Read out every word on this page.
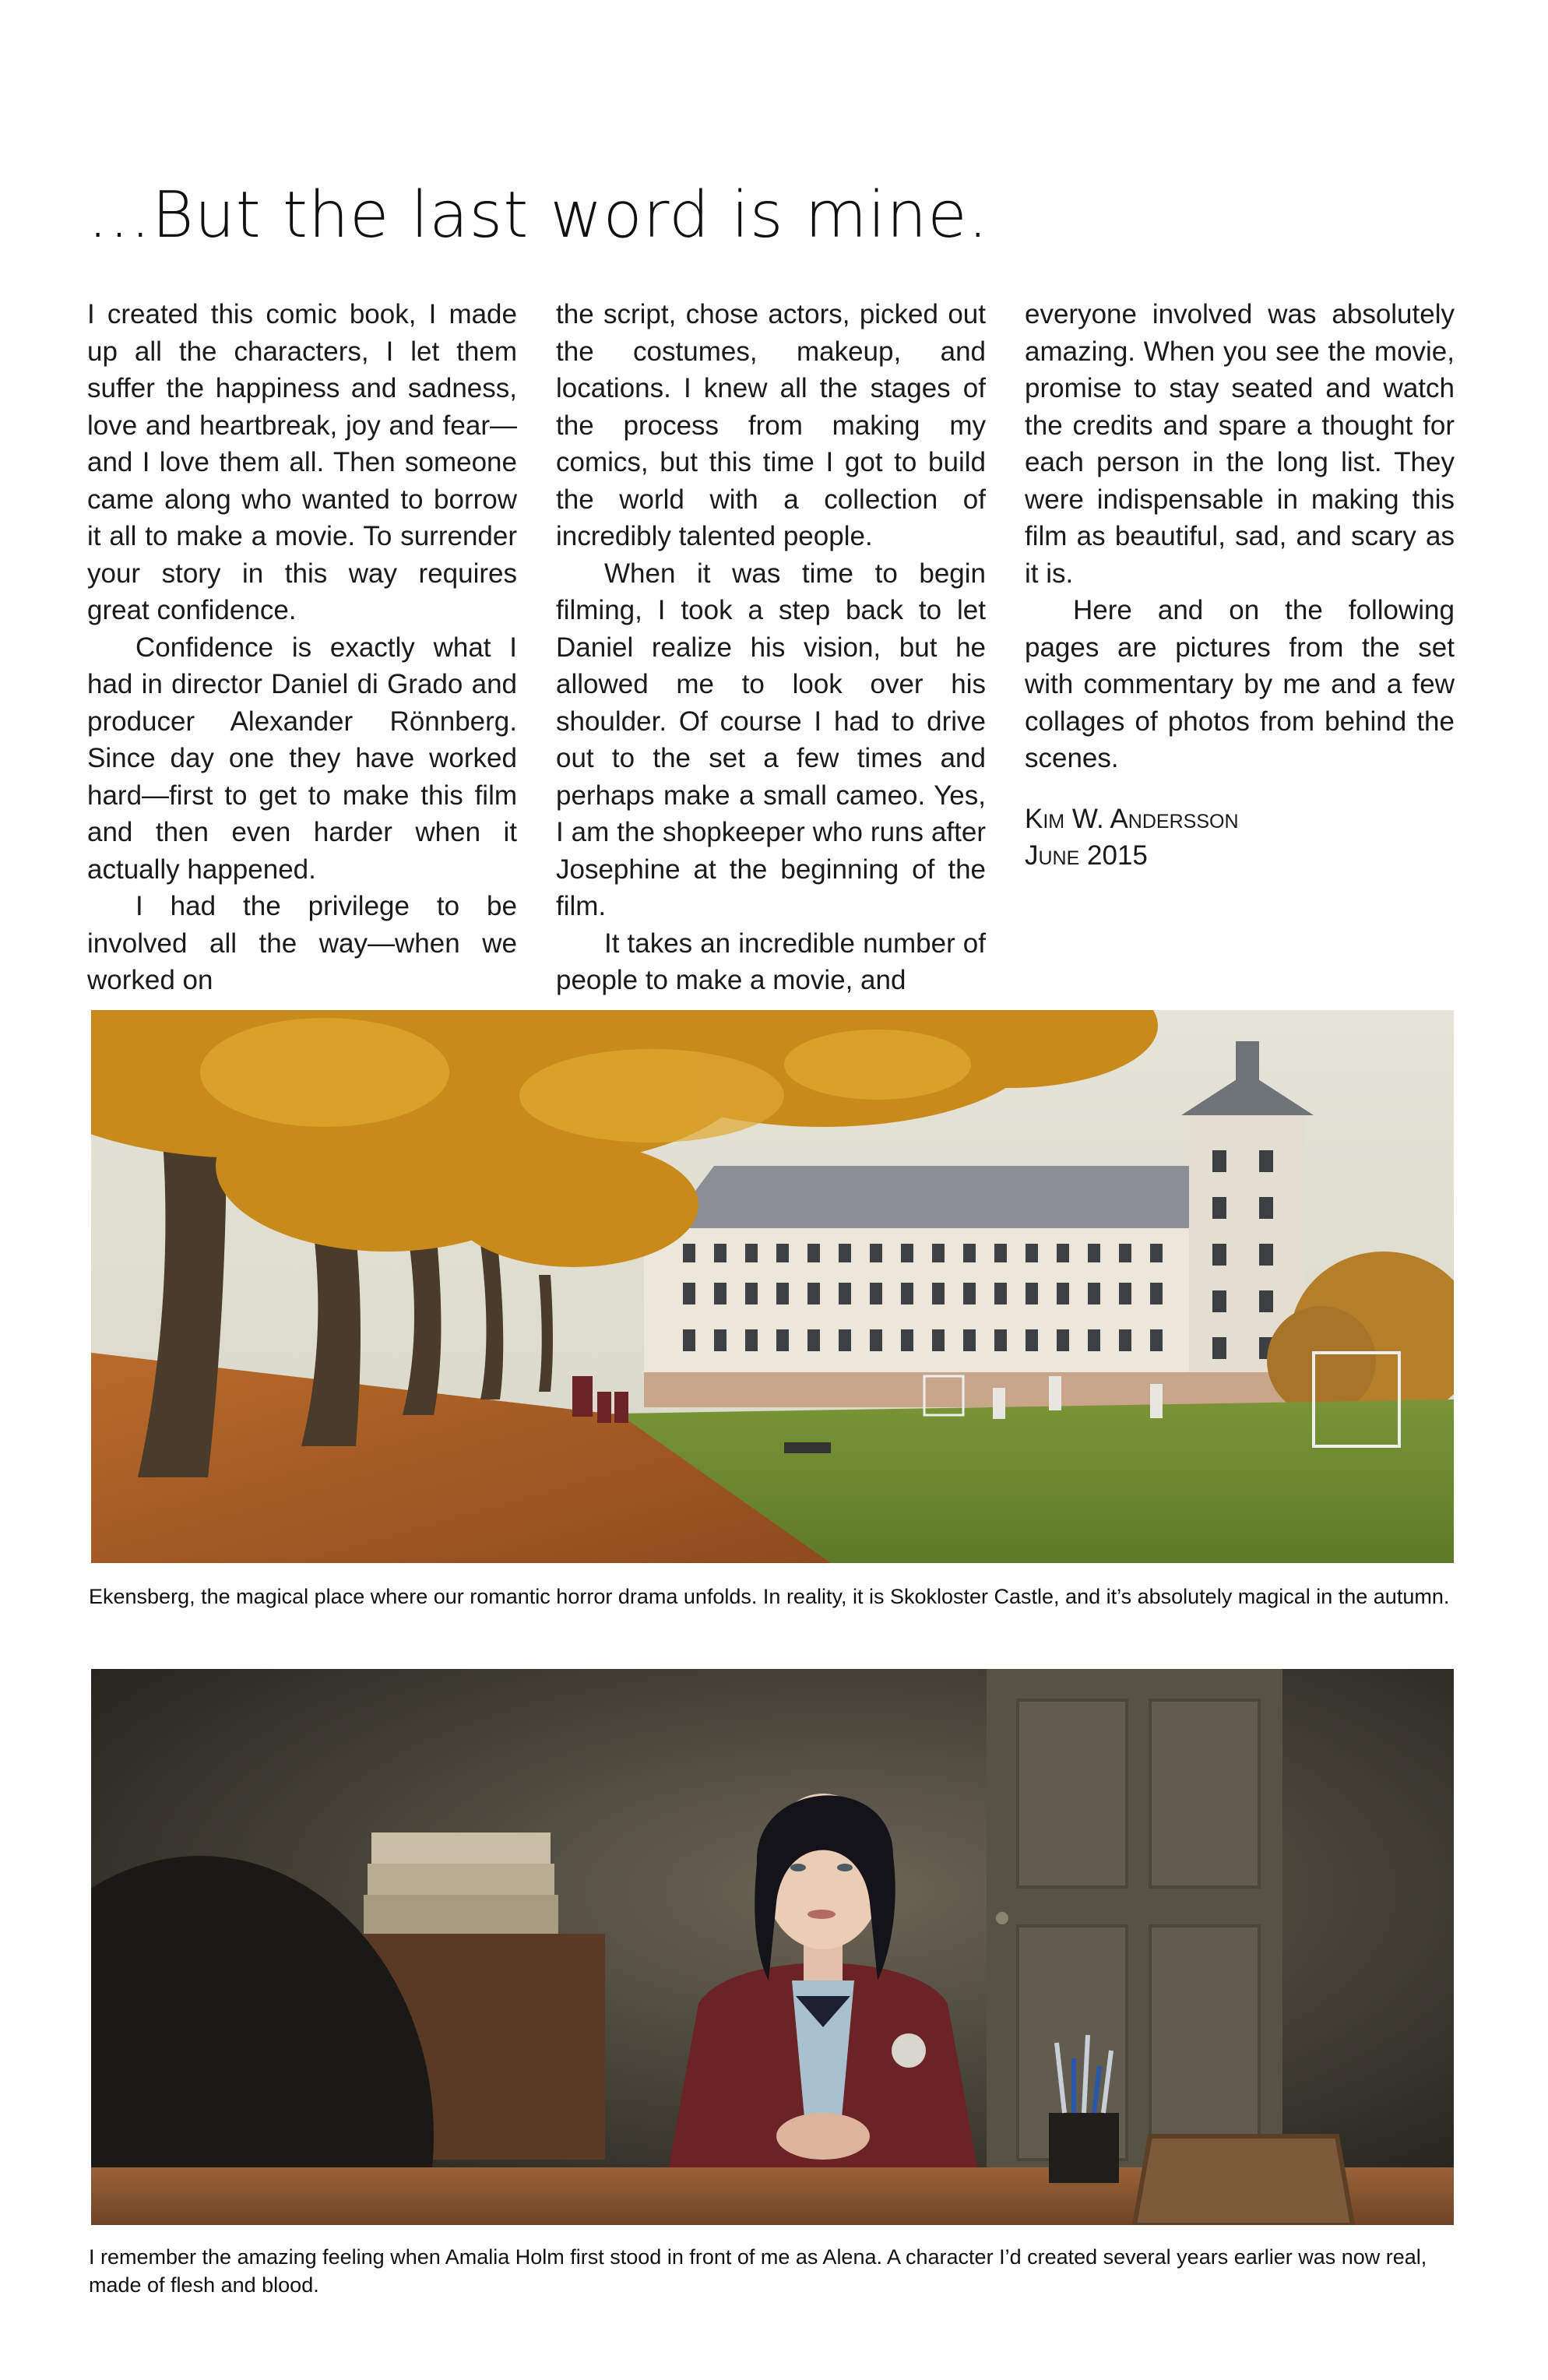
…But the last word is mine.

I created this comic book, I made up all the characters, I let them suffer the happiness and sadness, love and heartbreak, joy and fear—and I love them all. Then someone came along who wanted to borrow it all to make a movie. To surrender your story in this way requires great confidence.

Confidence is exactly what I had in director Daniel di Grado and producer Alexander Rönnberg. Since day one they have worked hard—first to get to make this film and then even harder when it actually happened.

I had the privilege to be involved all the way—when we worked on

the script, chose actors, picked out the costumes, makeup, and locations. I knew all the stages of the process from making my comics, but this time I got to build the world with a collection of incredibly talented people.

When it was time to begin filming, I took a step back to let Daniel realize his vision, but he allowed me to look over his shoulder. Of course I had to drive out to the set a few times and perhaps make a small cameo. Yes, I am the shopkeeper who runs after Josephine at the beginning of the film.

It takes an incredible number of people to make a movie, and

everyone involved was absolutely amazing. When you see the movie, promise to stay seated and watch the credits and spare a thought for each person in the long list. They were indispensable in making this film as beautiful, sad, and scary as it is.

Here and on the following pages are pictures from the set with commentary by me and a few collages of photos from behind the scenes.

Kim W. Andersson
June 2015

Ekensberg, the magical place where our romantic horror drama unfolds. In reality, it is Skokloster Castle, and it’s absolutely magical in the autumn.

I remember the amazing feeling when Amalia Holm first stood in front of me as Alena. A character I’d created several years earlier was now real, made of flesh and blood.
